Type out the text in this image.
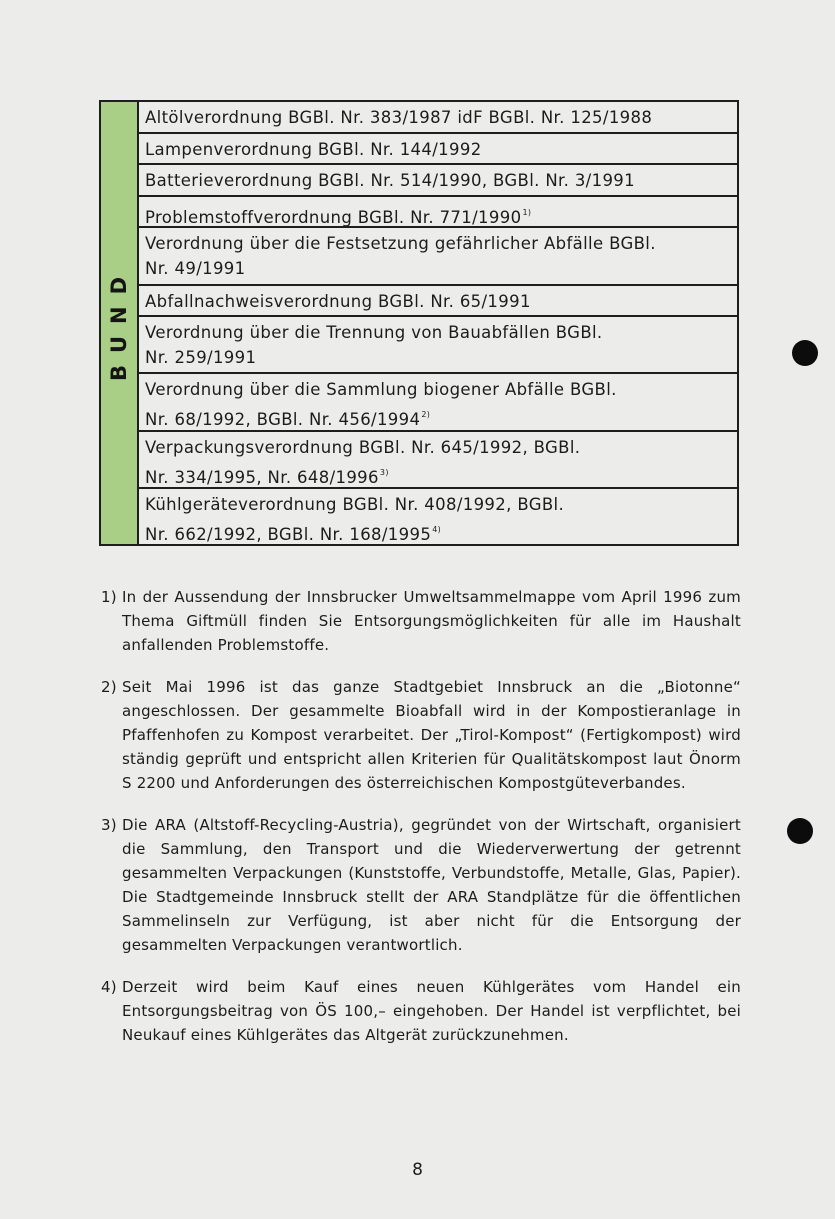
BUND
Altölverordnung BGBl. Nr. 383/1987 idF BGBl. Nr. 125/1988
Lampenverordnung BGBl. Nr. 144/1992
Batterieverordnung BGBl. Nr. 514/1990, BGBl. Nr. 3/1991
Problemstoffverordnung BGBl. Nr. 771/1990$^{1)}$
Verordnung über die Festsetzung gefährlicher Abfälle BGBl.
Nr. 49/1991
Abfallnachweisverordnung BGBl. Nr. 65/1991
Verordnung über die Trennung von Bauabfällen BGBl.
Nr. 259/1991
Verordnung über die Sammlung biogener Abfälle BGBl.
Nr. 68/1992, BGBl. Nr. 456/1994$^{2)}$
Verpackungsverordnung BGBl. Nr. 645/1992, BGBl.
Nr. 334/1995, Nr. 648/1996$^{3)}$
Kühlgeräteverordnung BGBl. Nr. 408/1992, BGBl.
Nr. 662/1992, BGBl. Nr. 168/1995$^{4)}$
1) In der Aussendung der Innsbrucker Umweltsammelmappe vom April 1996 zum Thema Giftmüll finden Sie Entsorgungsmöglichkeiten für alle im Haushalt anfallenden Problemstoffe.
2) Seit Mai 1996 ist das ganze Stadtgebiet Innsbruck an die „Biotonne“ angeschlossen. Der gesammelte Bioabfall wird in der Kompostieranlage in Pfaffenhofen zu Kompost verarbeitet. Der „Tirol-Kompost“ (Fertigkompost) wird ständig geprüft und entspricht allen Kriterien für Qualitätskompost laut Önorm S 2200 und Anforderungen des österreichischen Kompostgüteverbandes.
3) Die ARA (Altstoff-Recycling-Austria), gegründet von der Wirtschaft, organisiert die Sammlung, den Transport und die Wiederverwertung der getrennt gesammelten Verpackungen (Kunststoffe, Verbundstoffe, Metalle, Glas, Papier). Die Stadtgemeinde Innsbruck stellt der ARA Standplätze für die öffentlichen Sammelinseln zur Verfügung, ist aber nicht für die Entsorgung der gesammelten Verpackungen verantwortlich.
4) Derzeit wird beim Kauf eines neuen Kühlgerätes vom Handel ein Entsorgungsbeitrag von ÖS 100,– eingehoben. Der Handel ist verpflichtet, bei Neukauf eines Kühlgerätes das Altgerät zurückzunehmen.
8
